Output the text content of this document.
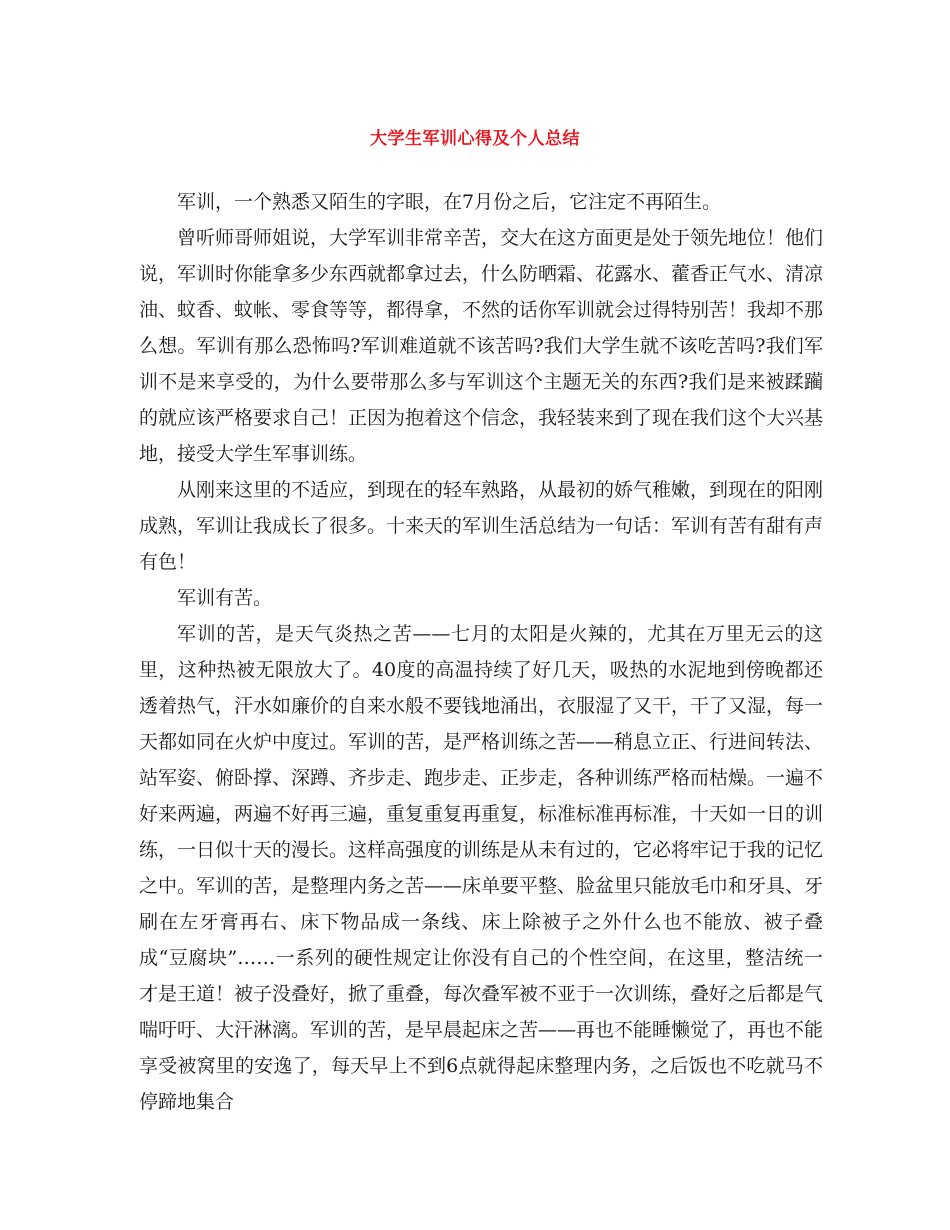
大学生军训心得及个人总结

军训，一个熟悉又陌生的字眼，在7月份之后，它注定不再陌生。

曾听师哥师姐说，大学军训非常辛苦，交大在这方面更是处于领先地位！他们说，军训时你能拿多少东西就都拿过去，什么防晒霜、花露水、藿香正气水、清凉油、蚊香、蚊帐、零食等等，都得拿，不然的话你军训就会过得特别苦！我却不那么想。军训有那么恐怖吗?军训难道就不该苦吗?我们大学生就不该吃苦吗?我们军训不是来享受的，为什么要带那么多与军训这个主题无关的东西?我们是来被蹂躏的就应该严格要求自己！正因为抱着这个信念，我轻装来到了现在我们这个大兴基地，接受大学生军事训练。

从刚来这里的不适应，到现在的轻车熟路，从最初的娇气稚嫩，到现在的阳刚成熟，军训让我成长了很多。十来天的军训生活总结为一句话：军训有苦有甜有声有色！

军训有苦。

军训的苦，是天气炎热之苦——七月的太阳是火辣的，尤其在万里无云的这里，这种热被无限放大了。40度的高温持续了好几天，吸热的水泥地到傍晚都还透着热气，汗水如廉价的自来水般不要钱地涌出，衣服湿了又干，干了又湿，每一天都如同在火炉中度过。军训的苦，是严格训练之苦——稍息立正、行进间转法、站军姿、俯卧撑、深蹲、齐步走、跑步走、正步走，各种训练严格而枯燥。一遍不好来两遍，两遍不好再三遍，重复重复再重复，标准标准再标准，十天如一日的训练，一日似十天的漫长。这样高强度的训练是从未有过的，它必将牢记于我的记忆之中。军训的苦，是整理内务之苦——床单要平整、脸盆里只能放毛巾和牙具、牙刷在左牙膏再右、床下物品成一条线、床上除被子之外什么也不能放、被子叠成“豆腐块”……一系列的硬性规定让你没有自己的个性空间，在这里，整洁统一才是王道！被子没叠好，掀了重叠，每次叠军被不亚于一次训练，叠好之后都是气喘吁吁、大汗淋漓。军训的苦，是早晨起床之苦——再也不能睡懒觉了，再也不能享受被窝里的安逸了，每天早上不到6点就得起床整理内务，之后饭也不吃就马不停蹄地集合
